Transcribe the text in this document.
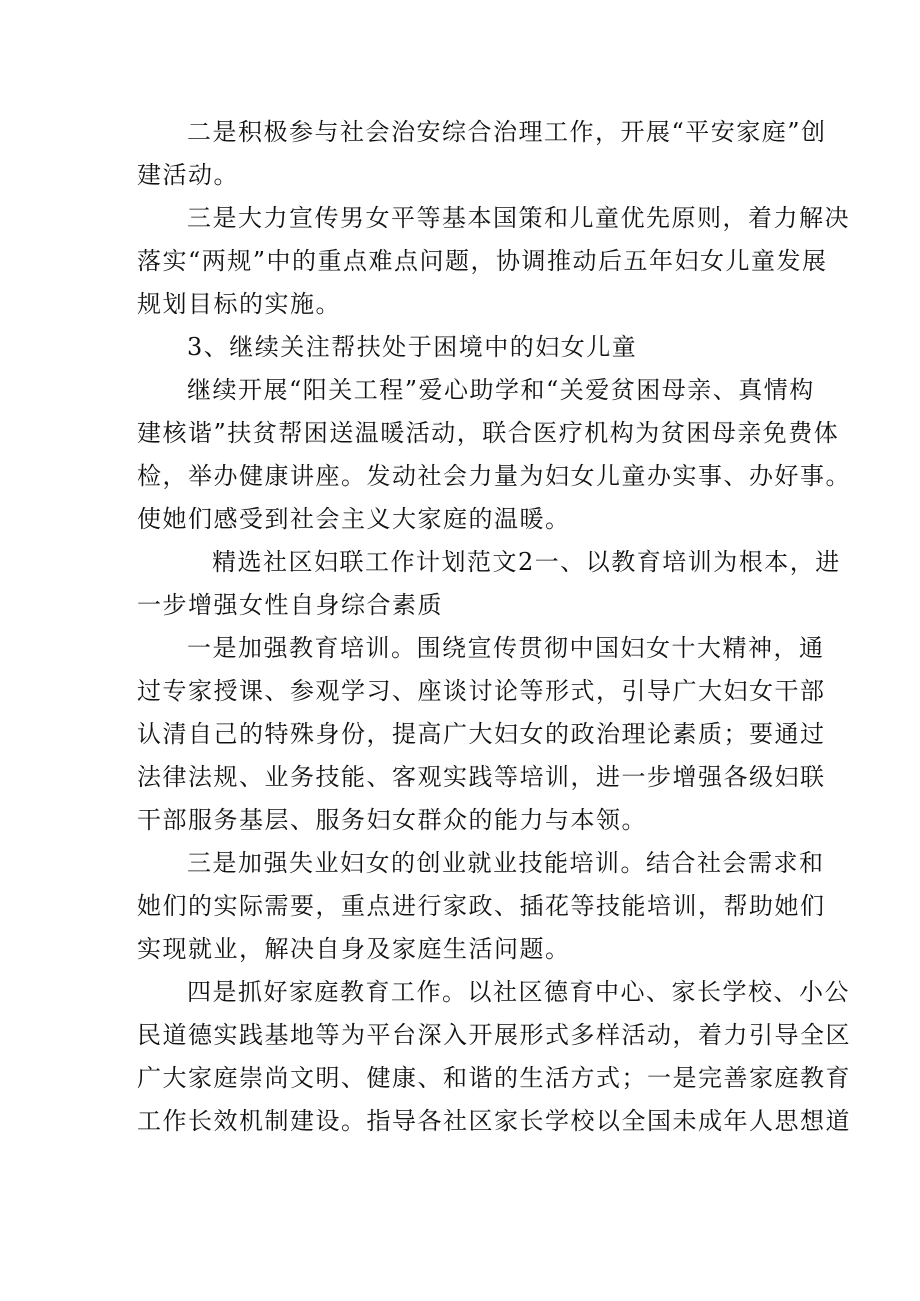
二是积极参与社会治安综合治理工作，开展“平安家庭”创
建活动。
三是大力宣传男女平等基本国策和儿童优先原则，着力解决
落实“两规”中的重点难点问题，协调推动后五年妇女儿童发展
规划目标的实施。
3、继续关注帮扶处于困境中的妇女儿童
继续开展“阳关工程”爱心助学和“关爱贫困母亲、真情构
建核谐”扶贫帮困送温暖活动，联合医疗机构为贫困母亲免费体
检，举办健康讲座。发动社会力量为妇女儿童办实事、办好事。
使她们感受到社会主义大家庭的温暖。
精选社区妇联工作计划范文2一、以教育培训为根本，进
一步增强女性自身综合素质
一是加强教育培训。围绕宣传贯彻中国妇女十大精神，通
过专家授课、参观学习、座谈讨论等形式，引导广大妇女干部
认清自己的特殊身份，提高广大妇女的政治理论素质；要通过
法律法规、业务技能、客观实践等培训，进一步增强各级妇联
干部服务基层、服务妇女群众的能力与本领。
三是加强失业妇女的创业就业技能培训。结合社会需求和
她们的实际需要，重点进行家政、插花等技能培训，帮助她们
实现就业，解决自身及家庭生活问题。
四是抓好家庭教育工作。以社区德育中心、家长学校、小公
民道德实践基地等为平台深入开展形式多样活动，着力引导全区
广大家庭崇尚文明、健康、和谐的生活方式；一是完善家庭教育
工作长效机制建设。指导各社区家长学校以全国未成年人思想道
